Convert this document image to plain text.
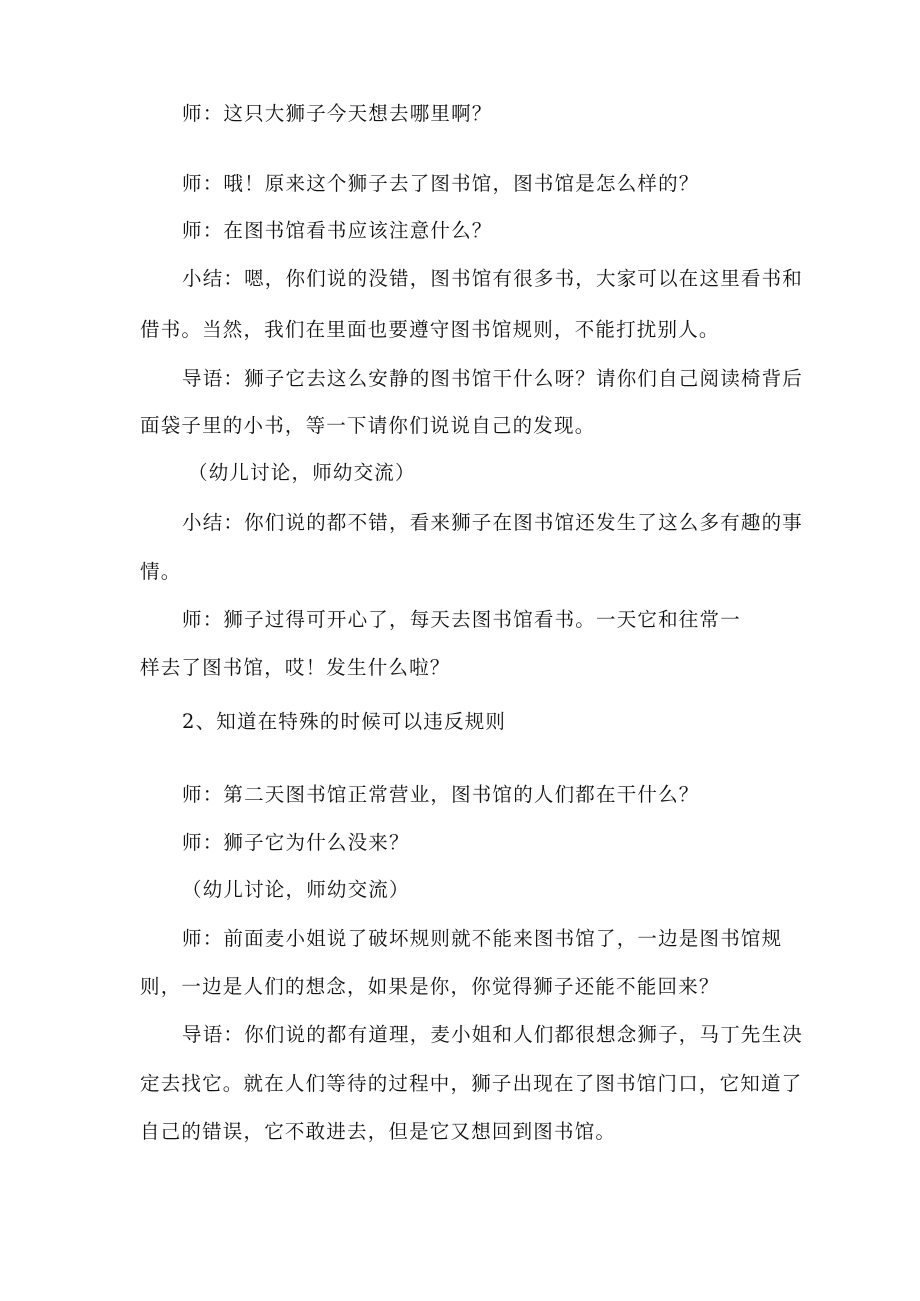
师：这只大狮子今天想去哪里啊？
师：哦！原来这个狮子去了图书馆，图书馆是怎么样的？
师：在图书馆看书应该注意什么？
小结：嗯，你们说的没错，图书馆有很多书，大家可以在这里看书和
借书。当然，我们在里面也要遵守图书馆规则，不能打扰别人。
导语：狮子它去这么安静的图书馆干什么呀？请你们自己阅读椅背后
面袋子里的小书，等一下请你们说说自己的发现。
（幼儿讨论，师幼交流）
小结：你们说的都不错，看来狮子在图书馆还发生了这么多有趣的事
情。
师：狮子过得可开心了，每天去图书馆看书。一天它和往常一
样去了图书馆，哎！发生什么啦？
2、知道在特殊的时候可以违反规则
师：第二天图书馆正常营业，图书馆的人们都在干什么？
师：狮子它为什么没来？
（幼儿讨论，师幼交流）
师：前面麦小姐说了破坏规则就不能来图书馆了，一边是图书馆规
则，一边是人们的想念，如果是你，你觉得狮子还能不能回来？
导语：你们说的都有道理，麦小姐和人们都很想念狮子，马丁先生决
定去找它。就在人们等待的过程中，狮子出现在了图书馆门口，它知道了
自己的错误，它不敢进去，但是它又想回到图书馆。
